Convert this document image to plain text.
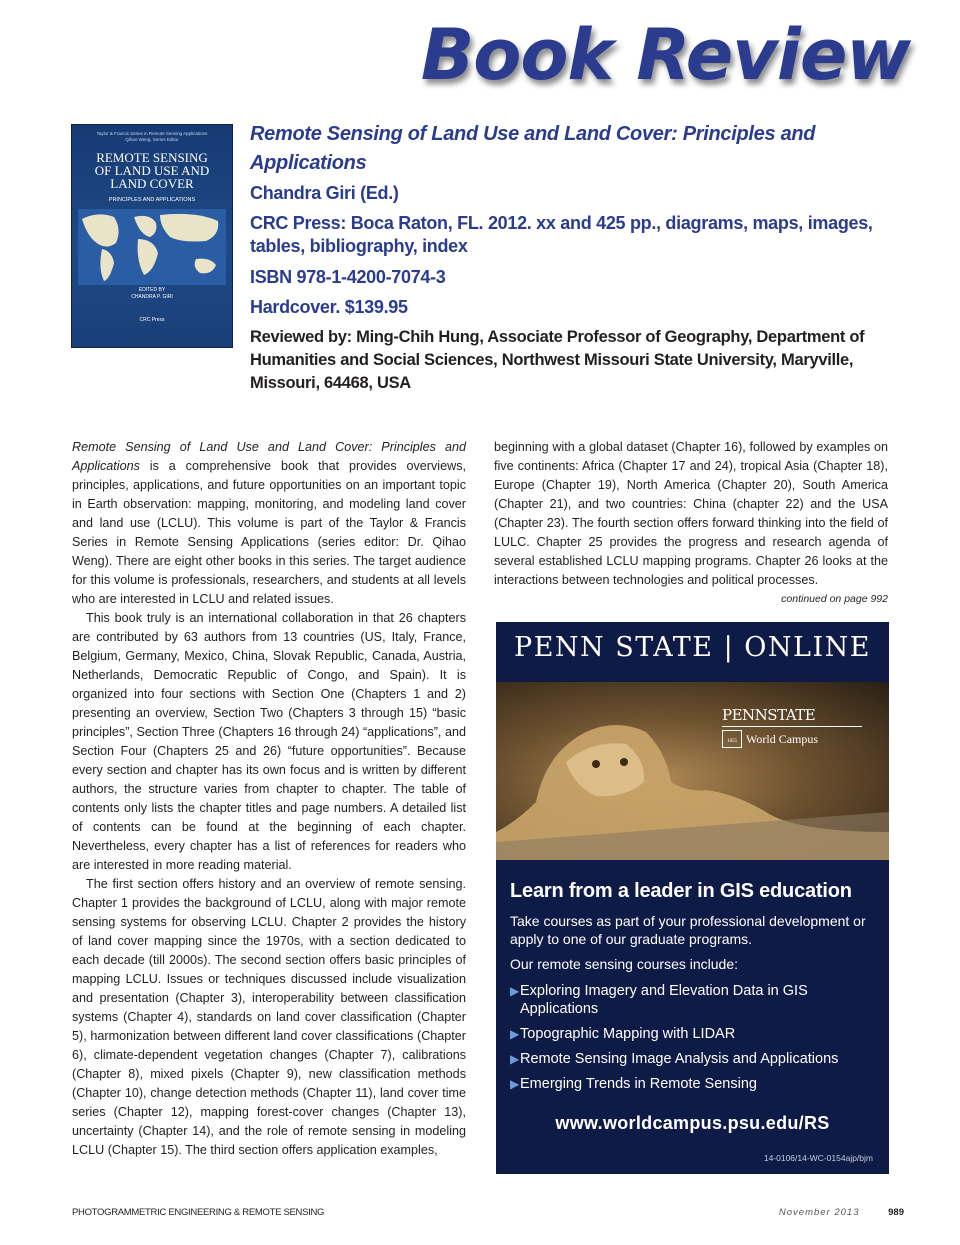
Book Review
Taylor & Francis Series in Remote Sensing Applications
Qihao Weng, Series Editor
REMOTE SENSING
OF LAND USE AND
LAND COVER
PRINCIPLES AND APPLICATIONS
EDITED BY
CHANDRA P. GIRI
CRC Press
Remote Sensing of Land Use and Land Cover: Principles and Applications
Chandra Giri (Ed.)
CRC Press: Boca Raton, FL. 2012. xx and 425 pp., diagrams, maps, images, tables, bibliography, index
ISBN 978-1-4200-7074-3
Hardcover. $139.95
Reviewed by: Ming-Chih Hung, Associate Professor of Geography, Department of Humanities and Social Sciences, Northwest Missouri State University, Maryville, Missouri, 64468, USA

Remote Sensing of Land Use and Land Cover: Principles and Applications is a comprehensive book that provides overviews, principles, applications, and future opportunities on an important topic in Earth observation: mapping, monitoring, and modeling land cover and land use (LCLU). This volume is part of the Taylor & Francis Series in Remote Sensing Applications (series editor: Dr. Qihao Weng). There are eight other books in this series. The target audience for this volume is professionals, researchers, and students at all levels who are interested in LCLU and related issues.

This book truly is an international collaboration in that 26 chapters are contributed by 63 authors from 13 countries (US, Italy, France, Belgium, Germany, Mexico, China, Slovak Republic, Canada, Austria, Netherlands, Democratic Republic of Congo, and Spain). It is organized into four sections with Section One (Chapters 1 and 2) presenting an overview, Section Two (Chapters 3 through 15) “basic principles”, Section Three (Chapters 16 through 24) “applications”, and Section Four (Chapters 25 and 26) “future opportunities”. Because every section and chapter has its own focus and is written by different authors, the structure varies from chapter to chapter. The table of contents only lists the chapter titles and page numbers. A detailed list of contents can be found at the beginning of each chapter. Nevertheless, every chapter has a list of references for readers who are interested in more reading material.

The first section offers history and an overview of remote sensing. Chapter 1 provides the background of LCLU, along with major remote sensing systems for observing LCLU. Chapter 2 provides the history of land cover mapping since the 1970s, with a section dedicated to each decade (till 2000s). The second section offers basic principles of mapping LCLU. Issues or techniques discussed include visualization and presentation (Chapter 3), interoperability between classification systems (Chapter 4), standards on land cover classification (Chapter 5), harmonization between different land cover classifications (Chapter 6), climate-dependent vegetation changes (Chapter 7), calibrations (Chapter 8), mixed pixels (Chapter 9), new classification methods (Chapter 10), change detection methods (Chapter 11), land cover time series (Chapter 12), mapping forest-cover changes (Chapter 13), uncertainty (Chapter 14), and the role of remote sensing in modeling LCLU (Chapter 15). The third section offers application examples,

beginning with a global dataset (Chapter 16), followed by examples on five continents: Africa (Chapter 17 and 24), tropical Asia (Chapter 18), Europe (Chapter 19), North America (Chapter 20), South America (Chapter 21), and two countries: China (chapter 22) and the USA (Chapter 23). The fourth section offers forward thinking into the field of LULC. Chapter 25 provides the progress and research agenda of several established LCLU mapping programs. Chapter 26 looks at the interactions between technologies and political processes.

continued on page 992
PENN STATE | ONLINE
PENNSTATE
1855 World Campus
Learn from a leader in GIS education
Take courses as part of your professional development or apply to one of our graduate programs.
Our remote sensing courses include:
▶ Exploring Imagery and Elevation Data in GIS Applications
▶ Topographic Mapping with LIDAR
▶ Remote Sensing Image Analysis and Applications
▶ Emerging Trends in Remote Sensing
www.worldcampus.psu.edu/RS
14-0106/14-WC-0154ajp/bjm
PHOTOGRAMMETRIC ENGINEERING & REMOTE SENSING	November 2013	989
